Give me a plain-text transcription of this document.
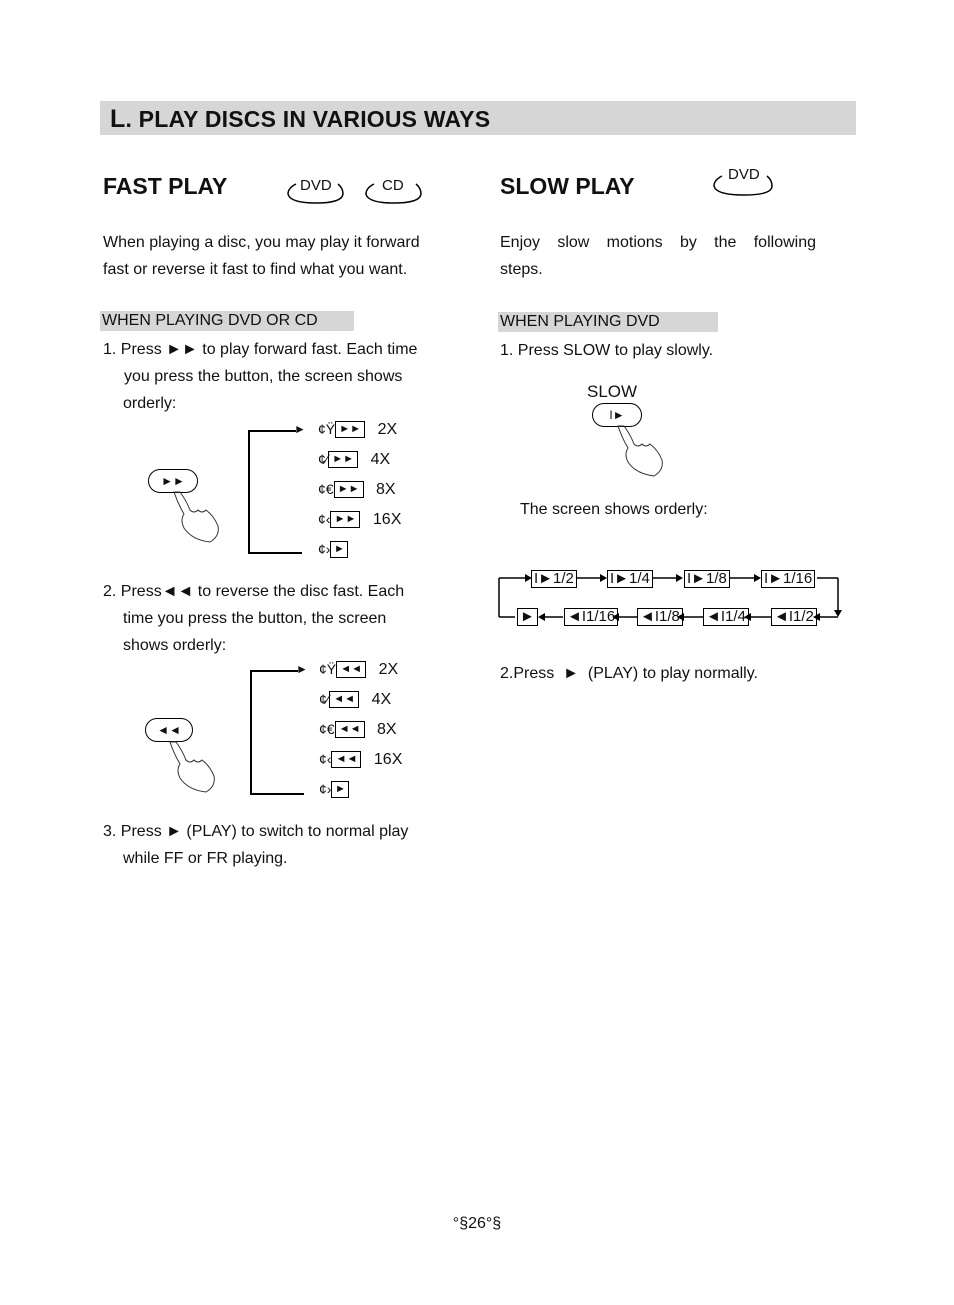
L. PLAY DISCS IN VARIOUS WAYS
FAST PLAY	DVD	CD
When playing a disc, you may play it forward
fast or reverse it fast to find what you want.
WHEN PLAYING DVD OR CD
1. Press ►► to play forward fast. Each time
you press the button, the screen shows
orderly:
► ¢Ÿ ►► 2X
¢⁄ ►► 4X
¢€ ►► 8X
¢‹ ►► 16X
¢› ►
►►
2. Press◄◄ to reverse the disc fast. Each
time you press the button, the screen
shows orderly:
► ¢Ÿ ◄◄ 2X
¢⁄ ◄◄ 4X
¢€ ◄◄ 8X
¢‹ ◄◄ 16X
¢› ►
◄◄
3. Press ► (PLAY) to switch to normal play
while FF or FR playing.
SLOW PLAY	DVD
Enjoy slow motions by the following
steps.
WHEN PLAYING DVD
1. Press SLOW to play slowly.
SLOW
I►
The screen shows orderly:
I►1/2 I►1/4 I►1/8 I►1/16
► ◄I1/16 ◄I1/8 ◄I1/4 ◄I1/2
2.Press  ►  (PLAY) to play normally.
°§26°§
